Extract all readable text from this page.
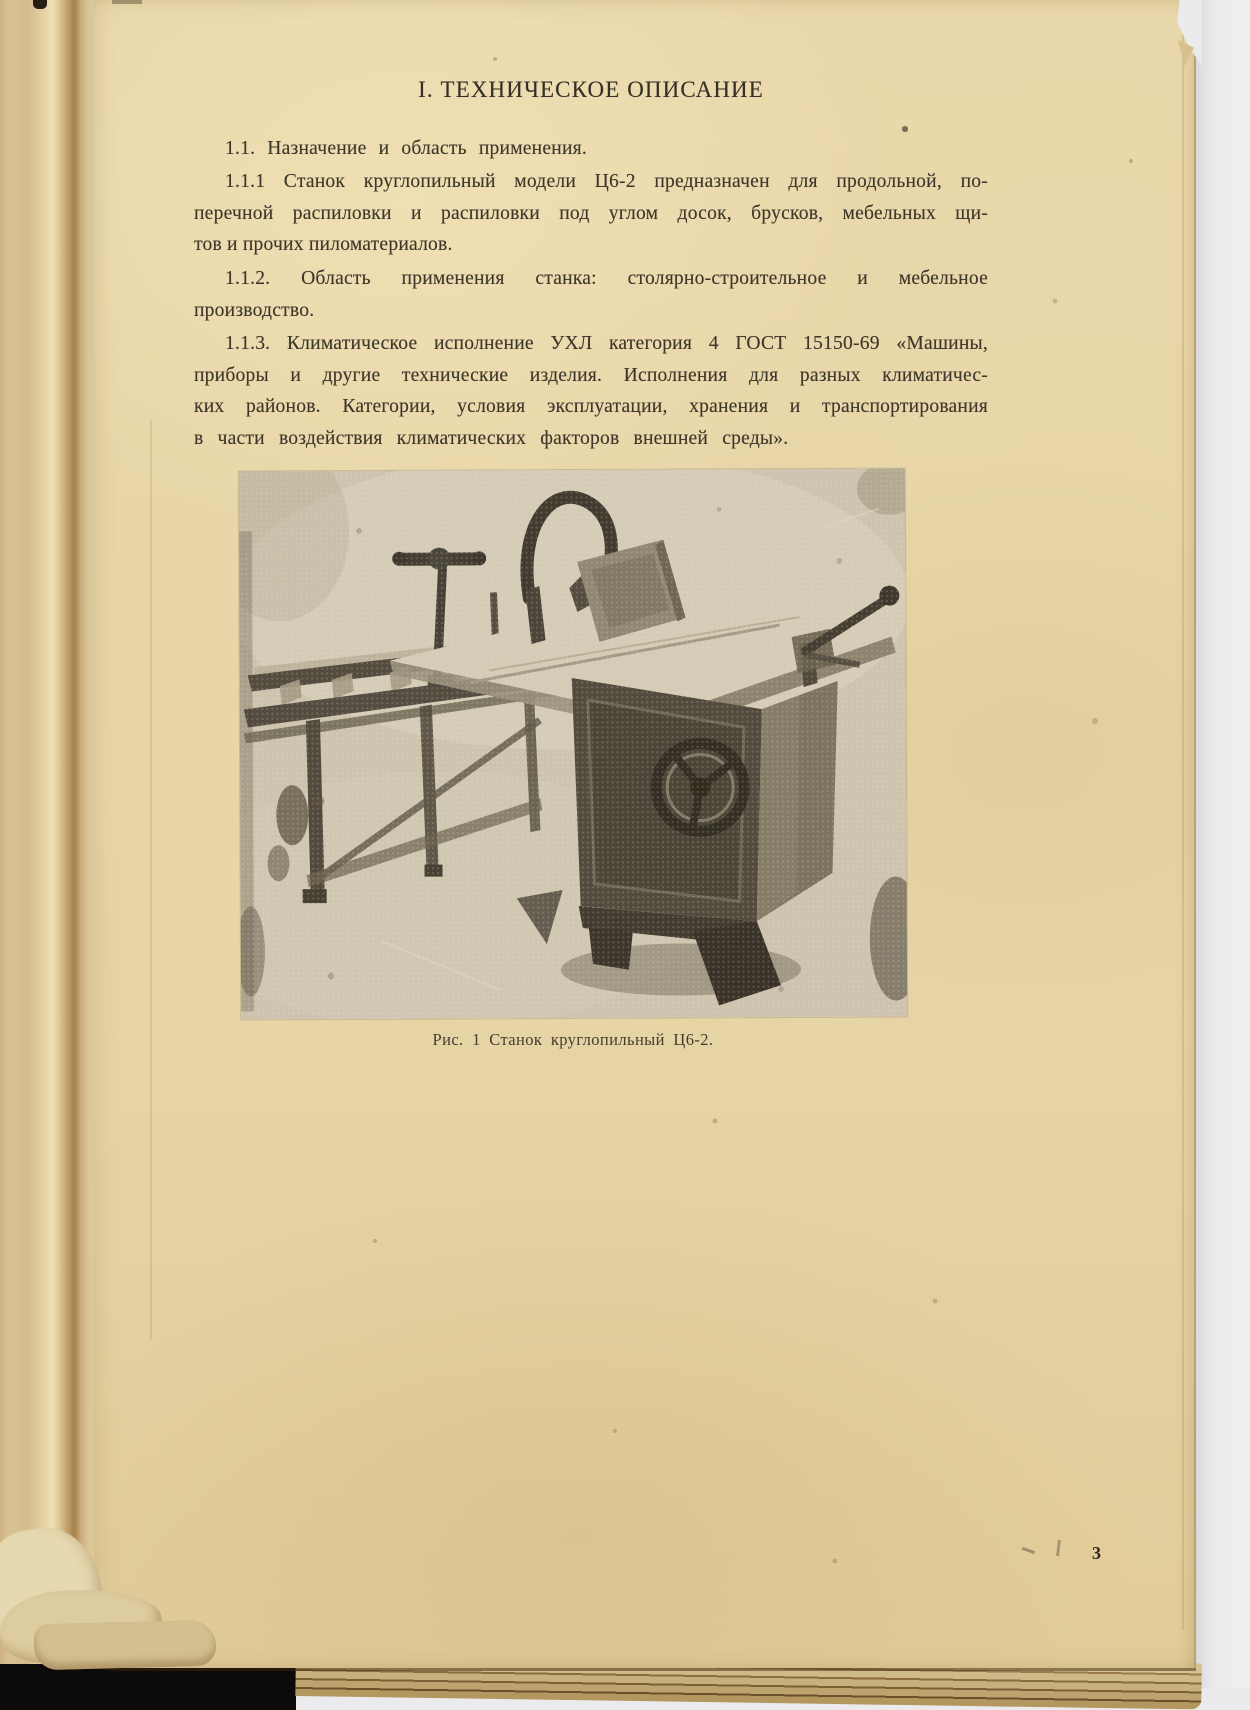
I. ТЕХНИЧЕСКОЕ ОПИСАНИЕ
1.1. Назначение и область применения.
1.1.1 Станок круглопильный модели Ц6-2 предназначен для продольной, по-
перечной распиловки и распиловки под углом досок, брусков, мебельных щи-
тов и прочих пиломатериалов.
1.1.2. Область применения станка: столярно-строительное и мебельное
производство.
1.1.3. Климатическое исполнение УХЛ категория 4 ГОСТ 15150-69 «Машины,
приборы и другие технические изделия. Исполнения для разных климатичес-
ких районов. Категории, условия эксплуатации, хранения и транспортирования
в части воздействия климатических факторов внешней среды».
Рис. 1 Станок круглопильный Ц6-2.
3
